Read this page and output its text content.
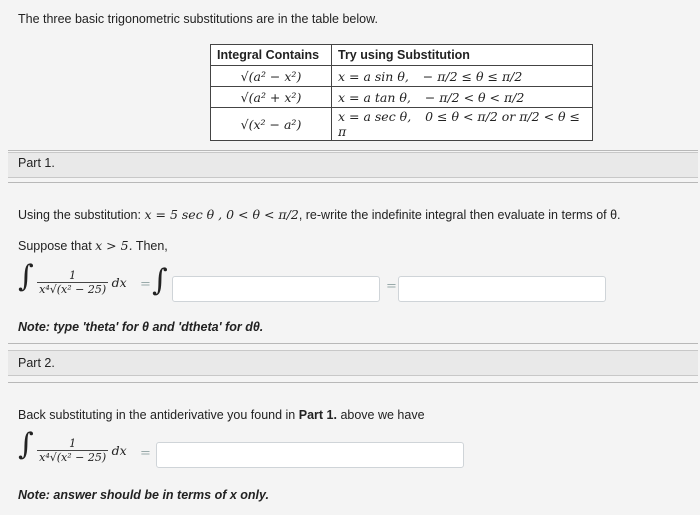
The three basic trigonometric substitutions are in the table below.
Integral Contains	Try using Substitution
√(a² − x²)	x = a sin θ, − π/2 ≤ θ ≤ π/2
√(a² + x²)	x = a tan θ, − π/2 < θ < π/2
√(x² − a²)	x = a sec θ, 0 ≤ θ < π/2 or π/2 < θ ≤ π
Part 1.
Using the substitution: x = 5 sec θ , 0 < θ < π/2, re-write the indefinite integral then evaluate in terms of θ.
Suppose that x > 5. Then,
∫ $\frac{1}{\text{x⁴√(x² − 25)}}$ dx = ∫	=
Note: type 'theta' for θ and 'dtheta' for dθ.
Part 2.
Back substituting in the antiderivative you found in Part 1. above we have
∫ $\frac{1}{\text{x⁴√(x² − 25)}}$ dx =
Note: answer should be in terms of x only.
